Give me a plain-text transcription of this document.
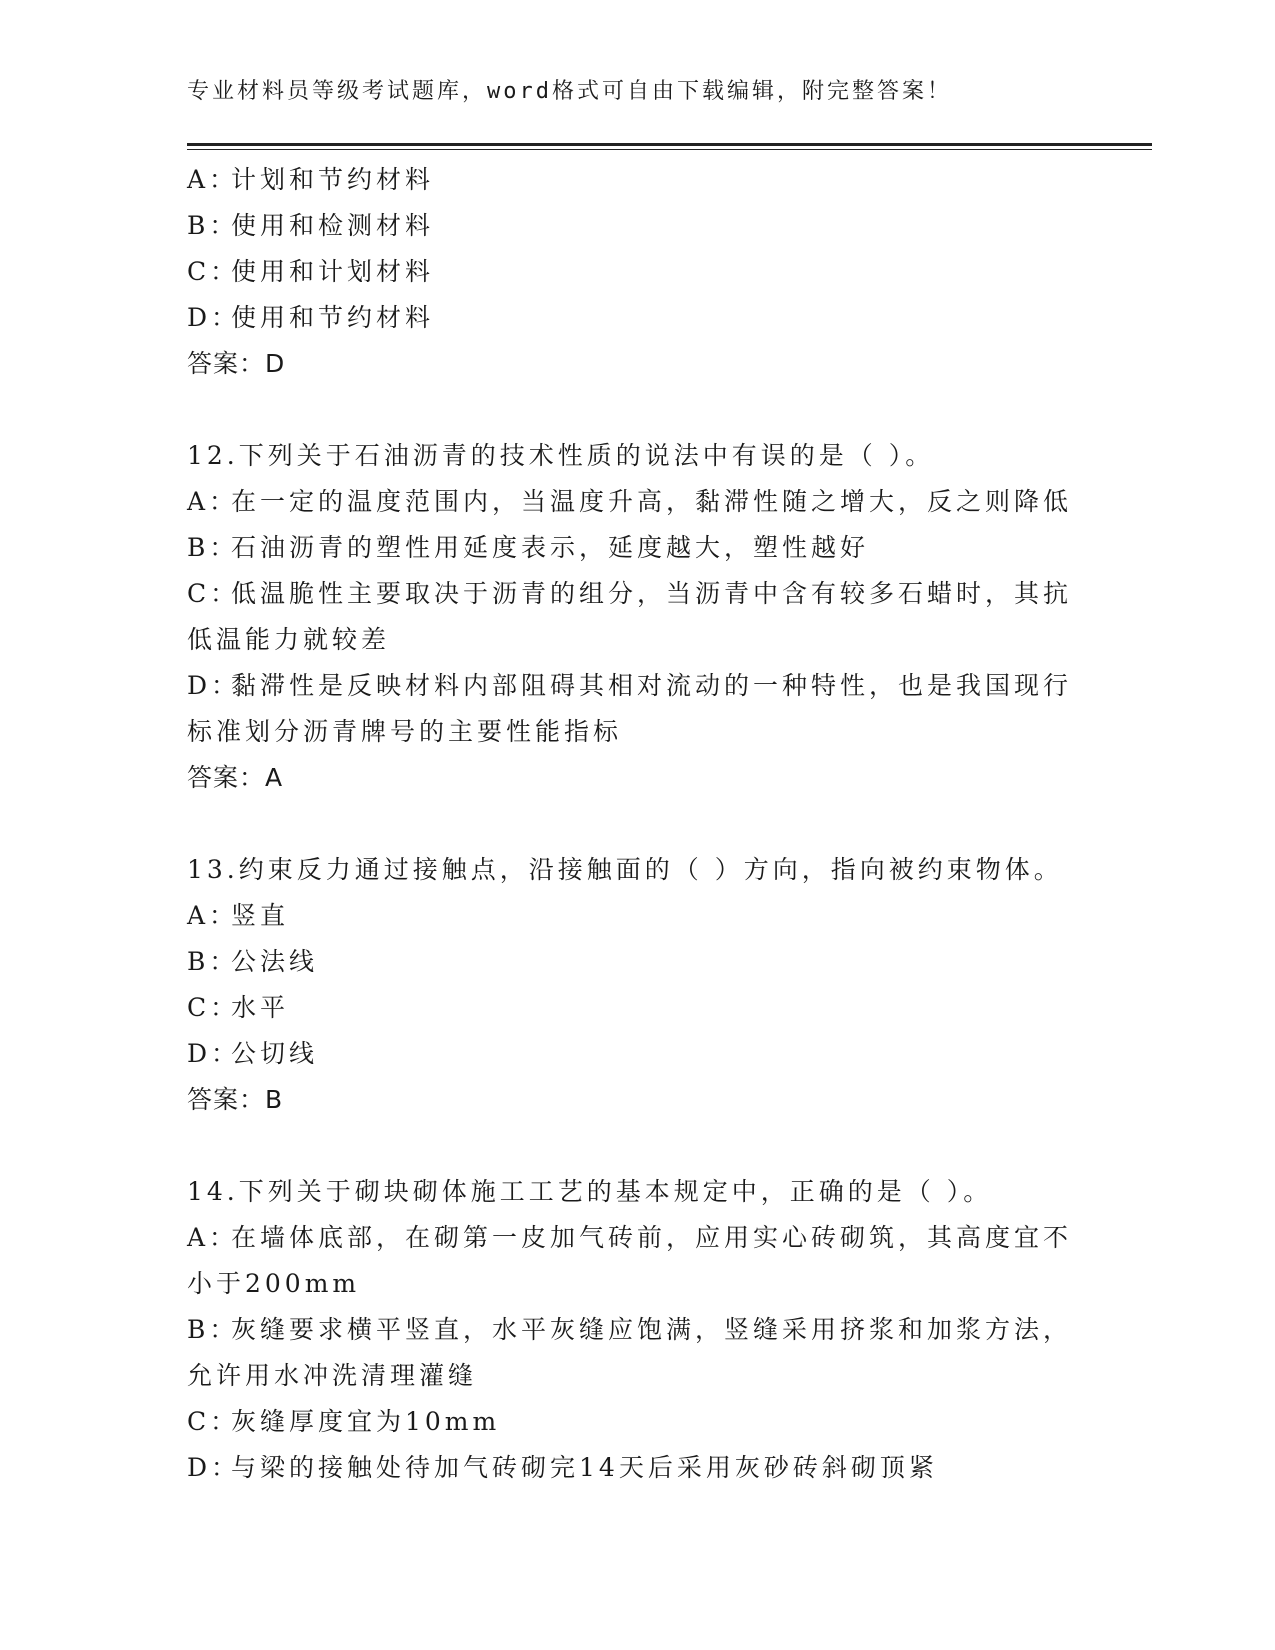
专业材料员等级考试题库，word格式可自由下载编辑，附完整答案！
A：计划和节约材料
B：使用和检测材料
C：使用和计划材料
D：使用和节约材料
答案：D
12.下列关于石油沥青的技术性质的说法中有误的是（ ）。
A：在一定的温度范围内，当温度升高，黏滞性随之增大，反之则降低
B：石油沥青的塑性用延度表示，延度越大，塑性越好
C：低温脆性主要取决于沥青的组分，当沥青中含有较多石蜡时，其抗
低温能力就较差
D：黏滞性是反映材料内部阻碍其相对流动的一种特性，也是我国现行
标准划分沥青牌号的主要性能指标
答案：A
13.约束反力通过接触点，沿接触面的（ ）方向，指向被约束物体。
A：竖直
B：公法线
C：水平
D：公切线
答案：B
14.下列关于砌块砌体施工工艺的基本规定中，正确的是（ ）。
A：在墙体底部，在砌第一皮加气砖前，应用实心砖砌筑，其高度宜不
小于200mm
B：灰缝要求横平竖直，水平灰缝应饱满，竖缝采用挤浆和加浆方法，
允许用水冲洗清理灌缝
C：灰缝厚度宜为10mm
D：与梁的接触处待加气砖砌完14天后采用灰砂砖斜砌顶紧
